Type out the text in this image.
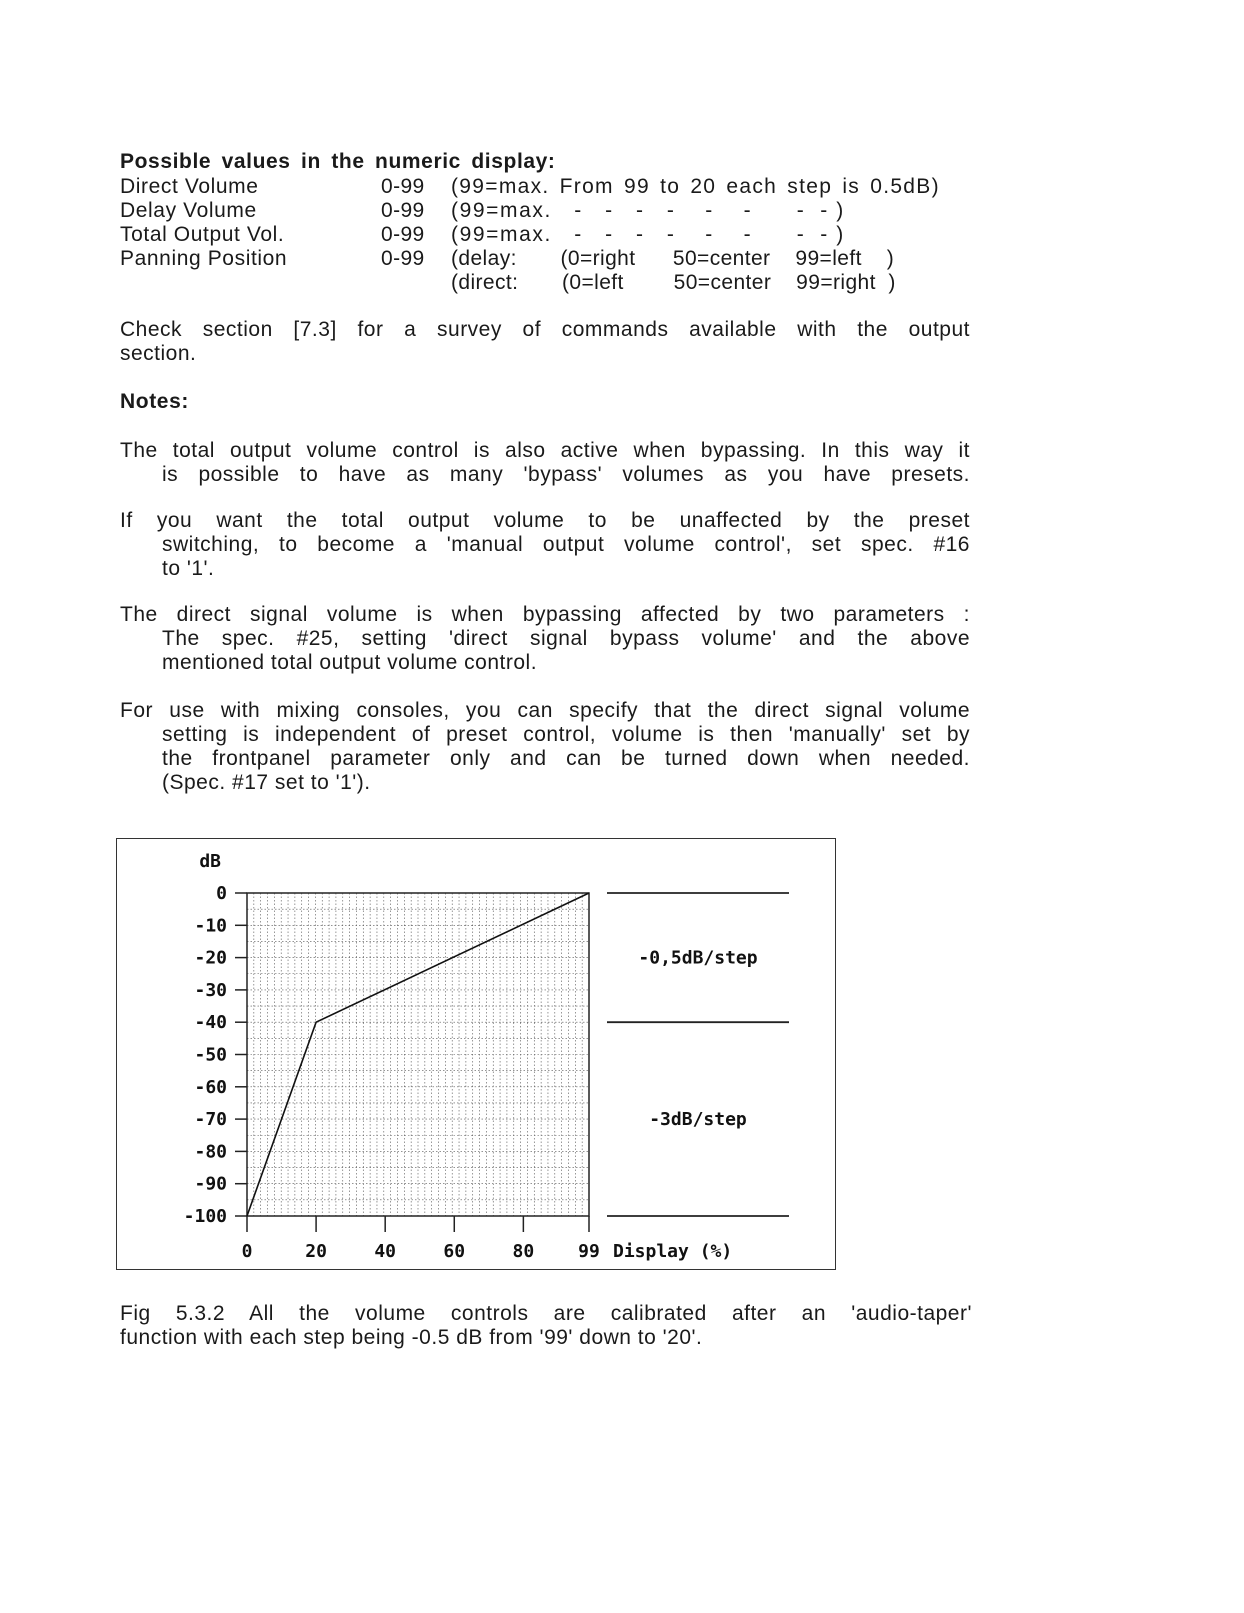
Possible values in the numeric display:
Direct Volume	0-99 (99=max. From 99 to 20 each step is 0.5dB)
Delay Volume	0-99 (99=max.   -   -   -   -    -    -      -  - )
Total Output Vol.	0-99 (99=max.   -   -   -   -    -    -      -  - )
Panning Position	0-99 (delay:       (0=right      50=center    99=left    )
(direct:       (0=left        50=center    99=right  )
Check section [7.3] for a survey of commands available with the output
section.
Notes:
The total output volume control is also active when bypassing. In this way it
is possible to have as many 'bypass' volumes as you have presets.
If you want the total output volume to be unaffected by the preset
switching, to become a 'manual output volume control', set spec. #16
to '1'.
The direct signal volume is when bypassing affected by two parameters :
The spec. #25, setting 'direct signal bypass volume' and the above
mentioned total output volume control.
For use with mixing consoles, you can specify that the direct signal volume
setting is independent of preset control, volume is then 'manually' set by
the frontpanel parameter only and can be turned down when needed.
(Spec. #17 set to '1').
0
-10
-20
-30
-40
-50
-60
-70
-80
-90
-100
0	20	40	60	80 99
dB
Display (%)
-0,5dB/step
-3dB/step
Fig 5.3.2 All the volume controls are calibrated after an 'audio-taper'
function with each step being -0.5 dB from '99' down to '20'.
